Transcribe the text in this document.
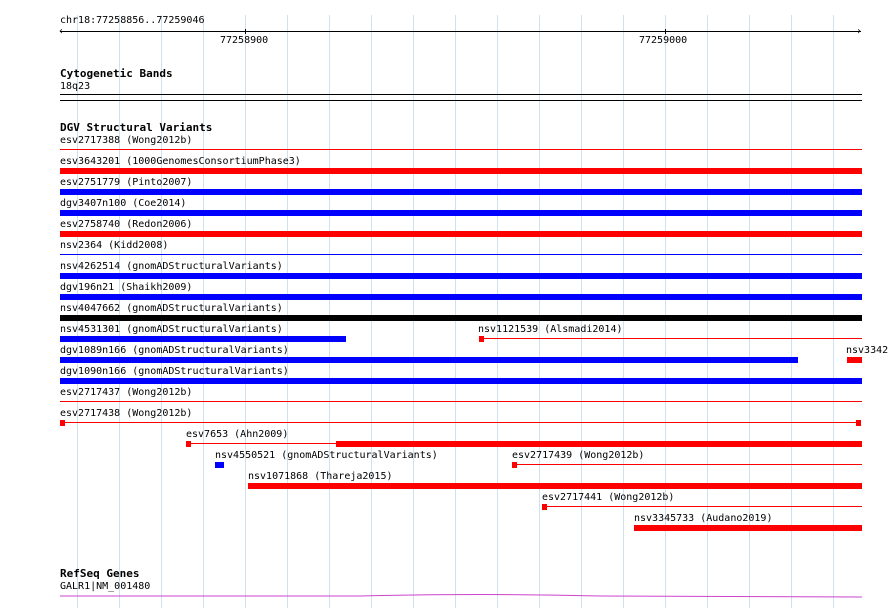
chr18:77258856..77259046
‹	›
77258900	77259000
Cytogenetic Bands
18q23
DGV Structural Variants
esv2717388 (Wong2012b)
esv3643201 (1000GenomesConsortiumPhase3)
esv2751779 (Pinto2007)
dgv3407n100 (Coe2014)
esv2758740 (Redon2006)
nsv2364 (Kidd2008)
nsv4262514 (gnomADStructuralVariants)
dgv196n21 (Shaikh2009)
nsv4047662 (gnomADStructuralVariants)
nsv4531301 (gnomADStructuralVariants)	nsv1121539 (Alsmadi2014)
dgv1089n166 (gnomADStructuralVariants)	nsv3342
dgv1090n166 (gnomADStructuralVariants)
esv2717437 (Wong2012b)
esv2717438 (Wong2012b)
esv7653 (Ahn2009)
nsv4550521 (gnomADStructuralVariants)	esv2717439 (Wong2012b)
nsv1071868 (Thareja2015)
esv2717441 (Wong2012b)
nsv3345733 (Audano2019)
RefSeq Genes
GALR1|NM_001480
